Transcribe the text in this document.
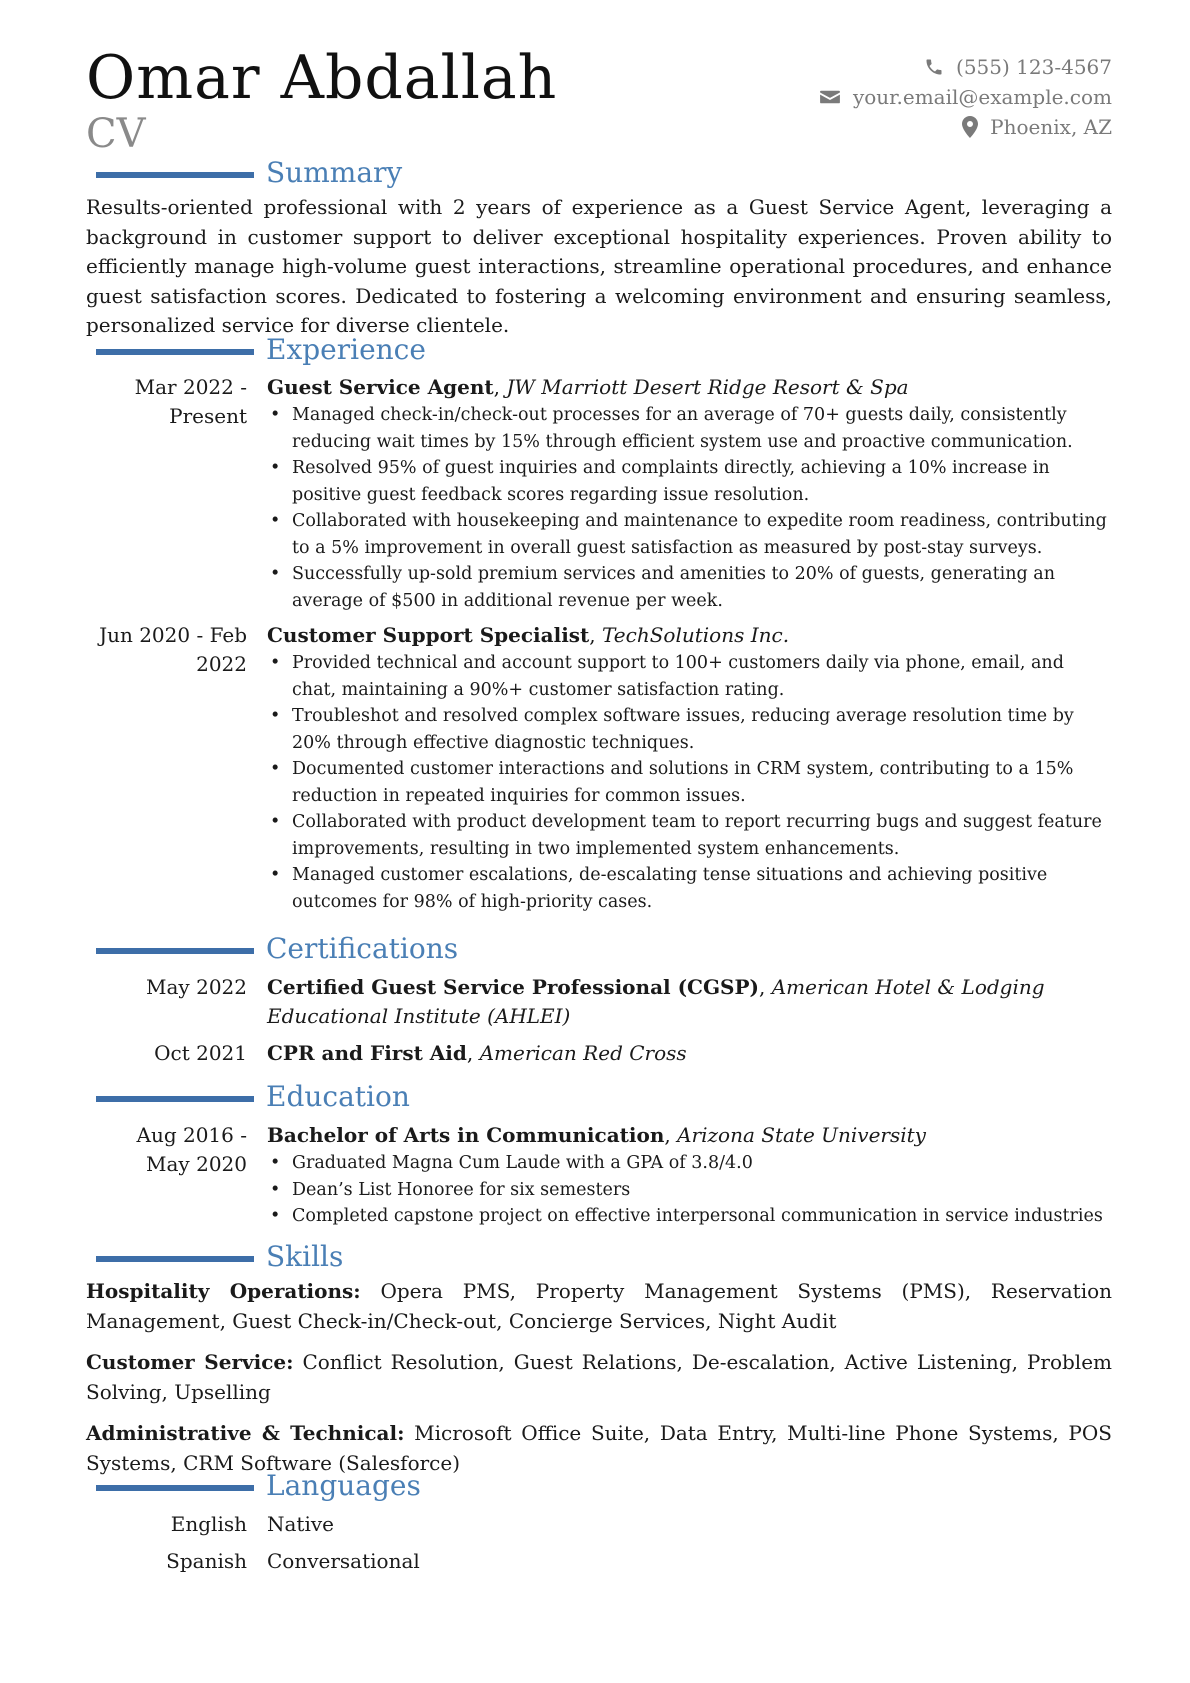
Omar Abdallah
CV
(555) 123-4567
your.email@example.com
Phoenix, AZ
Summary
Results-oriented professional with 2 years of experience as a Guest Service Agent, leveraging a background in customer support to deliver exceptional hospitality experiences. Proven ability to efficiently manage high-volume guest interactions, streamline operational procedures, and enhance guest satisfaction scores. Dedicated to fostering a welcoming environment and ensuring seamless, personalized service for diverse clientele.
Experience
Mar 2022 -
Present
Guest Service Agent, JW Marriott Desert Ridge Resort & Spa
• Managed check-in/check-out processes for an average of 70+ guests daily, consistently reducing wait times by 15% through efficient system use and proactive communication.
• Resolved 95% of guest inquiries and complaints directly, achieving a 10% increase in positive guest feedback scores regarding issue resolution.
• Collaborated with housekeeping and maintenance to expedite room readiness, contributing to a 5% improvement in overall guest satisfaction as measured by post-stay surveys.
• Successfully up-sold premium services and amenities to 20% of guests, generating an average of $500 in additional revenue per week.
Jun 2020 - Feb
2022
Customer Support Specialist, TechSolutions Inc.
• Provided technical and account support to 100+ customers daily via phone, email, and chat, maintaining a 90%+ customer satisfaction rating.
• Troubleshot and resolved complex software issues, reducing average resolution time by 20% through effective diagnostic techniques.
• Documented customer interactions and solutions in CRM system, contributing to a 15% reduction in repeated inquiries for common issues.
• Collaborated with product development team to report recurring bugs and suggest feature improvements, resulting in two implemented system enhancements.
• Managed customer escalations, de-escalating tense situations and achieving positive outcomes for 98% of high-priority cases.
Certifications
May 2022 Certified Guest Service Professional (CGSP), American Hotel & Lodging Educational Institute (AHLEI)
Oct 2021 CPR and First Aid, American Red Cross
Education
Aug 2016 -
May 2020
Bachelor of Arts in Communication, Arizona State University
• Graduated Magna Cum Laude with a GPA of 3.8/4.0
• Dean’s List Honoree for six semesters
• Completed capstone project on effective interpersonal communication in service industries
Skills
Hospitality Operations: Opera PMS, Property Management Systems (PMS), Reservation Management, Guest Check-in/Check-out, Concierge Services, Night Audit
Customer Service: Conflict Resolution, Guest Relations, De-escalation, Active Listening, Problem Solving, Upselling
Administrative & Technical: Microsoft Office Suite, Data Entry, Multi-line Phone Systems, POS Systems, CRM Software (Salesforce)
Languages
English Native
Spanish Conversational
